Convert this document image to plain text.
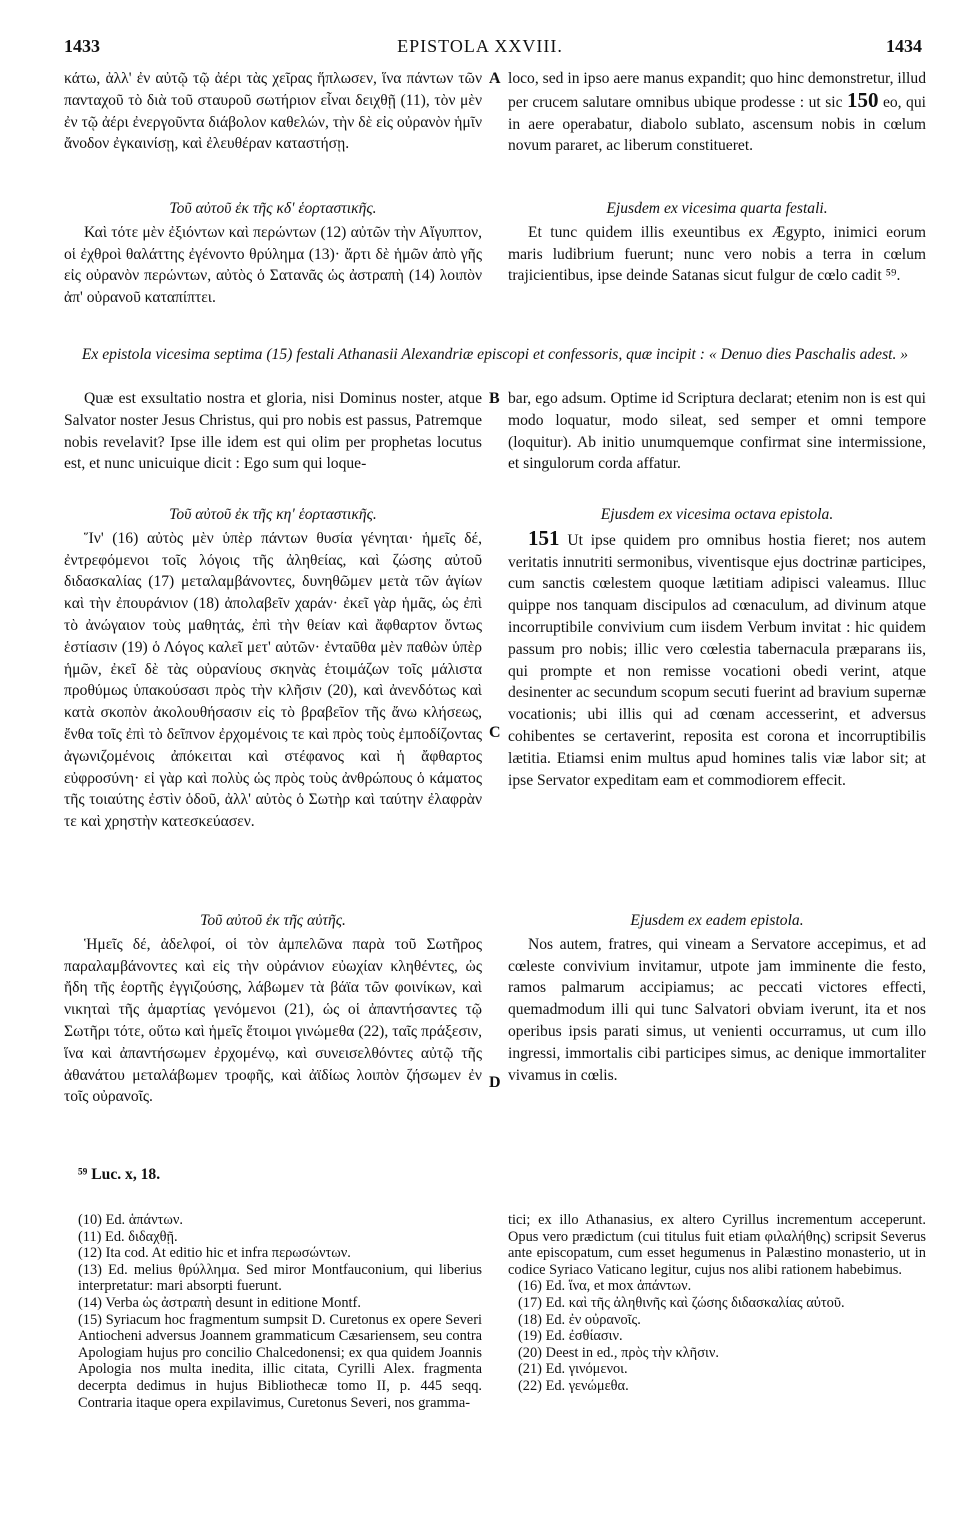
1433	EPISTOLA XXVIII.	1434

κάτω, ἀλλ' ἐν αὐτῷ τῷ ἀέρι τὰς χεῖρας ἥπλωσεν, ἵνα πάντων τῶν πανταχοῦ τὸ διὰ τοῦ σταυροῦ σωτήριον εἶναι δειχθῇ (11), τὸν μὲν ἐν τῷ ἀέρι ἐνεργοῦντα διάβολον καθελών, τὴν δὲ εἰς οὐρανὸν ἡμῖν ἄνοδον ἐγκαινίσῃ, καὶ ἐλευθέραν καταστήσῃ.

A loco, sed in ipso aere manus expandit; quo hinc demonstretur, illud per crucem salutare omnibus ubique prodesse : ut sic 150 eo, qui in aere operabatur, diabolo sublato, ascensum nobis in cœlum novum pararet, ac liberum constitueret.

Τοῦ αὐτοῦ ἐκ τῆς κδ' ἑορταστικῆς.

Καὶ τότε μὲν ἐξιόντων καὶ περώντων (12) αὐτῶν τὴν Αἴγυπτον, οἱ ἐχθροὶ θαλάττης ἐγένοντο θρύλημα (13)· ἄρτι δὲ ἡμῶν ἀπὸ γῆς εἰς οὐρανὸν περώντων, αὐτὸς ὁ Σατανᾶς ὡς ἀστραπὴ (14) λοιπὸν ἀπ' οὐρανοῦ καταπίπτει.

Ejusdem ex vicesima quarta festali.

Et tunc quidem illis exeuntibus ex Ægypto, inimici eorum maris ludibrium fuerunt; nunc vero nobis a terra in cœlum trajicientibus, ipse deinde Satanas sicut fulgur de cœlo cadit ⁵⁹.

Ex epistola vicesima septima (15) festali Athanasii Alexandriæ episcopi et confessoris, quæ incipit : « Denuo dies Paschalis adest. »

Quæ est exsultatio nostra et gloria, nisi Dominus noster, atque Salvator noster Jesus Christus, qui pro nobis est passus, Patremque nobis revelavit? Ipse ille idem est qui olim per prophetas locutus est, et nunc unicuique dicit : Ego sum qui loque-

B bar, ego adsum. Optime id Scriptura declarat; etenim non is est qui modo loquatur, modo sileat, sed semper et omni tempore (loquitur). Ab initio unumquemque confirmat sine intermissione, et singulorum corda affatur.

Τοῦ αὐτοῦ ἐκ τῆς κη' ἑορταστικῆς.

Ἵν' (16) αὐτὸς μὲν ὑπὲρ πάντων θυσία γένηται· ἡμεῖς δέ, ἐντρεφόμενοι τοῖς λόγοις τῆς ἀληθείας, καὶ ζώσης αὐτοῦ διδασκαλίας (17) μεταλαμβάνοντες, δυνηθῶμεν μετὰ τῶν ἁγίων καὶ τὴν ἐπουράνιον (18) ἀπολαβεῖν χαράν· ἐκεῖ γὰρ ἡμᾶς, ὡς ἐπὶ τὸ ἀνώγαιον τοὺς μαθητάς, ἐπὶ τὴν θείαν καὶ ἄφθαρτον ὄντως ἑστίασιν (19) ὁ Λόγος καλεῖ μετ' αὐτῶν· ἐνταῦθα μὲν παθὼν ὑπὲρ ἡμῶν, ἐκεῖ δὲ τὰς οὐρανίους σκηνὰς ἑτοιμάζων τοῖς μάλιστα προθύμως ὑπακούσασι πρὸς τὴν κλῆσιν (20), καὶ ἀνενδότως καὶ κατὰ σκοπὸν ἀκολουθήσασιν εἰς τὸ βραβεῖον τῆς ἄνω κλήσεως, ἔνθα τοῖς ἐπὶ τὸ δεῖπνον ἐρχομένοις τε καὶ πρὸς τοὺς ἐμποδίζοντας ἀγωνιζομένοις ἀπόκειται καὶ στέφανος καὶ ἡ ἄφθαρτος εὐφροσύνη· εἰ γὰρ καὶ πολὺς ὡς πρὸς τοὺς ἀνθρώπους ὁ κάματος τῆς τοιαύτης ἐστὶν ὁδοῦ, ἀλλ' αὐτὸς ὁ Σωτὴρ καὶ ταύτην ἐλαφρὰν τε καὶ χρηστὴν κατεσκεύασεν.

C

Ejusdem ex vicesima octava epistola.

151 Ut ipse quidem pro omnibus hostia fieret; nos autem veritatis innutriti sermonibus, viventisque ejus doctrinæ participes, cum sanctis cœlestem quoque lætitiam adipisci valeamus. Illuc quippe nos tanquam discipulos ad cœnaculum, ad divinum atque incorruptibile convivium cum iisdem Verbum invitat : hic quidem passum pro nobis; illic vero cœlestia tabernacula præparans iis, qui prompte et non remisse vocationi obedi verint, atque desinenter ac secundum scopum secuti fuerint ad bravium supernæ vocationis; ubi illis qui ad cœnam accesserint, et adversus cohibentes se certaverint, reposita est corona et incorruptibilis lætitia. Etiamsi enim multus apud homines talis viæ labor sit; at ipse Servator expeditam eam et commodiorem effecit.

Τοῦ αὐτοῦ ἐκ τῆς αὐτῆς.

Ἡμεῖς δέ, ἀδελφοί, οἱ τὸν ἀμπελῶνα παρὰ τοῦ Σωτῆρος παραλαμβάνοντες καὶ εἰς τὴν οὐράνιον εὐωχίαν κληθέντες, ὡς ἤδη τῆς ἑορτῆς ἐγγιζούσης, λάβωμεν τὰ βάϊα τῶν φοινίκων, καὶ νικηταὶ τῆς ἁμαρτίας γενόμενοι (21), ὡς οἱ ἀπαντήσαντες τῷ Σωτῆρι τότε, οὕτω καὶ ἡμεῖς ἕτοιμοι γινώμεθα (22), ταῖς πράξεσιν, ἵνα καὶ ἀπαντήσωμεν ἐρχομένῳ, καὶ συνεισελθόντες αὐτῷ τῆς ἀθανάτου μεταλάβωμεν τροφῆς, καὶ ἀϊδίως λοιπὸν ζήσωμεν ἐν τοῖς οὐρανοῖς.

D

Ejusdem ex eadem epistola.

Nos autem, fratres, qui vineam a Servatore accepimus, et ad cœleste convivium invitamur, utpote jam imminente die festo, ramos palmarum accipiamus; ac peccati victores effecti, quemadmodum illi qui tunc Salvatori obviam iverunt, ita et nos operibus ipsis parati simus, ut venienti occurramus, ut cum illo ingressi, immortalis cibi participes simus, ac denique immortaliter vivamus in cœlis.

⁵⁹ Luc. x, 18.

(10) Ed. ἁπάντων.

(11) Ed. διδαχθῇ.

(12) Ita cod. At editio hic et infra περωσώντων.

(13) Ed. melius θρύλλημα. Sed miror Montfauconium, qui liberius interpretatur: mari absorpti fuerunt.

(14) Verba ὡς ἀστραπὴ desunt in editione Montf.

(15) Syriacum hoc fragmentum sumpsit D. Curetonus ex opere Severi Antiocheni adversus Joannem grammaticum Cæsariensem, seu contra Apologiam hujus pro concilio Chalcedonensi; ex qua quidem Joannis Apologia nos multa inedita, illic citata, Cyrilli Alex. fragmenta decerpta dedimus in hujus Bibliothecæ tomo II, p. 445 seqq. Contraria itaque opera expilavimus, Curetonus Severi, nos gramma-

tici; ex illo Athanasius, ex altero Cyrillus incrementum acceperunt. Opus vero prædictum (cui titulus fuit etiam φιλαλήθης) scripsit Severus ante episcopatum, cum esset hegumenus in Palæstino monasterio, ut in codice Syriaco Vaticano legitur, cujus nos alibi rationem habebimus.

(16) Ed. ἵνα, et mox ἁπάντων.

(17) Ed. καὶ τῆς ἀληθινῆς καὶ ζώσης διδασκαλίας αὐτοῦ.

(18) Ed. ἐν οὐρανοῖς.

(19) Ed. ἐσθίασιν.

(20) Deest in ed., πρὸς τὴν κλῆσιν.

(21) Ed. γινόμενοι.

(22) Ed. γενώμεθα.
